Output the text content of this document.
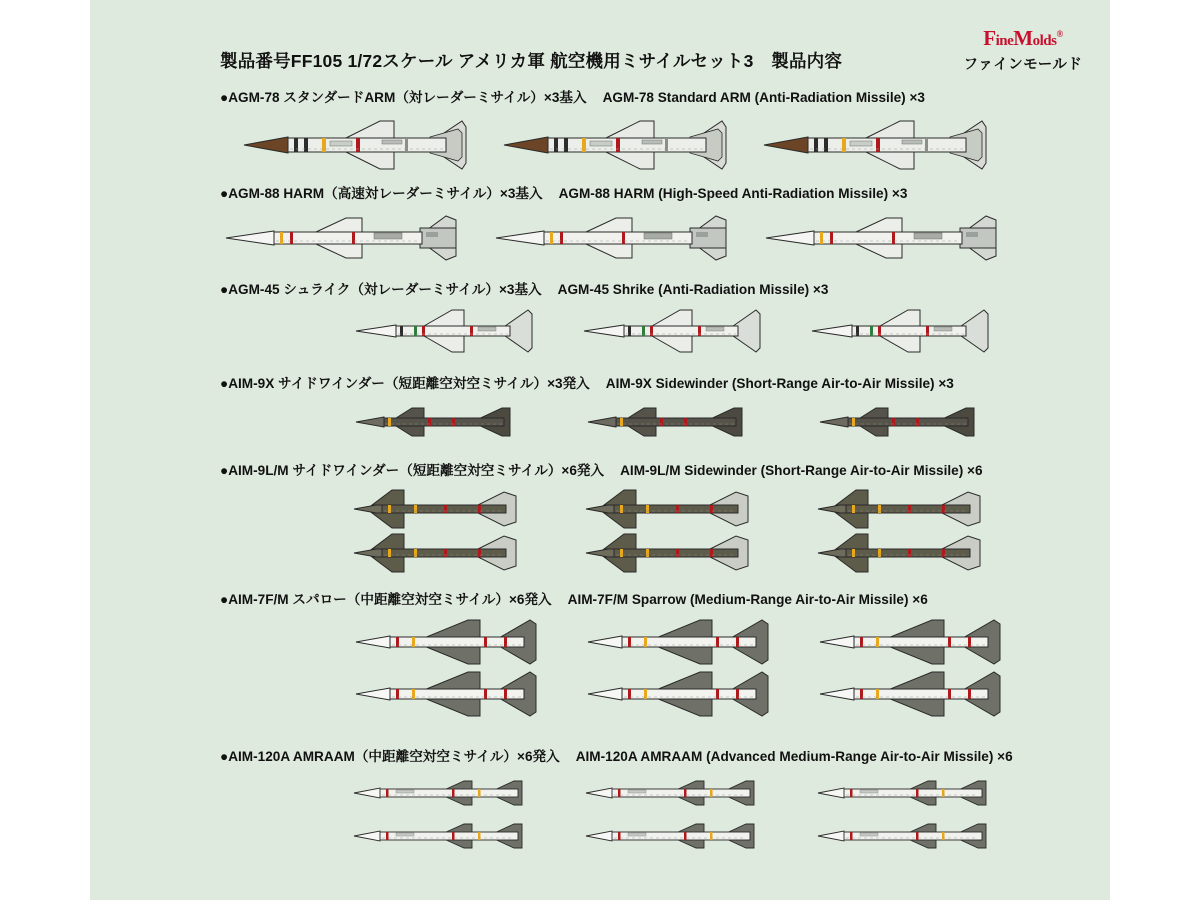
FineMolds®
ファインモールド
製品番号FF105 1/72スケール アメリカ軍 航空機用ミサイルセット3　製品内容
●AGM-78 スタンダードARM（対レーダーミサイル）×3基入 AGM-78 Standard ARM (Anti-Radiation Missile) ×3
●AGM-88 HARM（高速対レーダーミサイル）×3基入 AGM-88 HARM (High-Speed Anti-Radiation Missile) ×3
●AGM-45 シュライク（対レーダーミサイル）×3基入 AGM-45 Shrike (Anti-Radiation Missile) ×3
●AIM-9X サイドワインダー（短距離空対空ミサイル）×3発入 AIM-9X Sidewinder (Short-Range Air-to-Air Missile) ×3
●AIM-9L/M サイドワインダー（短距離空対空ミサイル）×6発入 AIM-9L/M Sidewinder (Short-Range Air-to-Air Missile) ×6
●AIM-7F/M スパロー（中距離空対空ミサイル）×6発入 AIM-7F/M Sparrow (Medium-Range Air-to-Air Missile) ×6
●AIM-120A AMRAAM（中距離空対空ミサイル）×6発入 AIM-120A AMRAAM (Advanced Medium-Range Air-to-Air Missile) ×6
